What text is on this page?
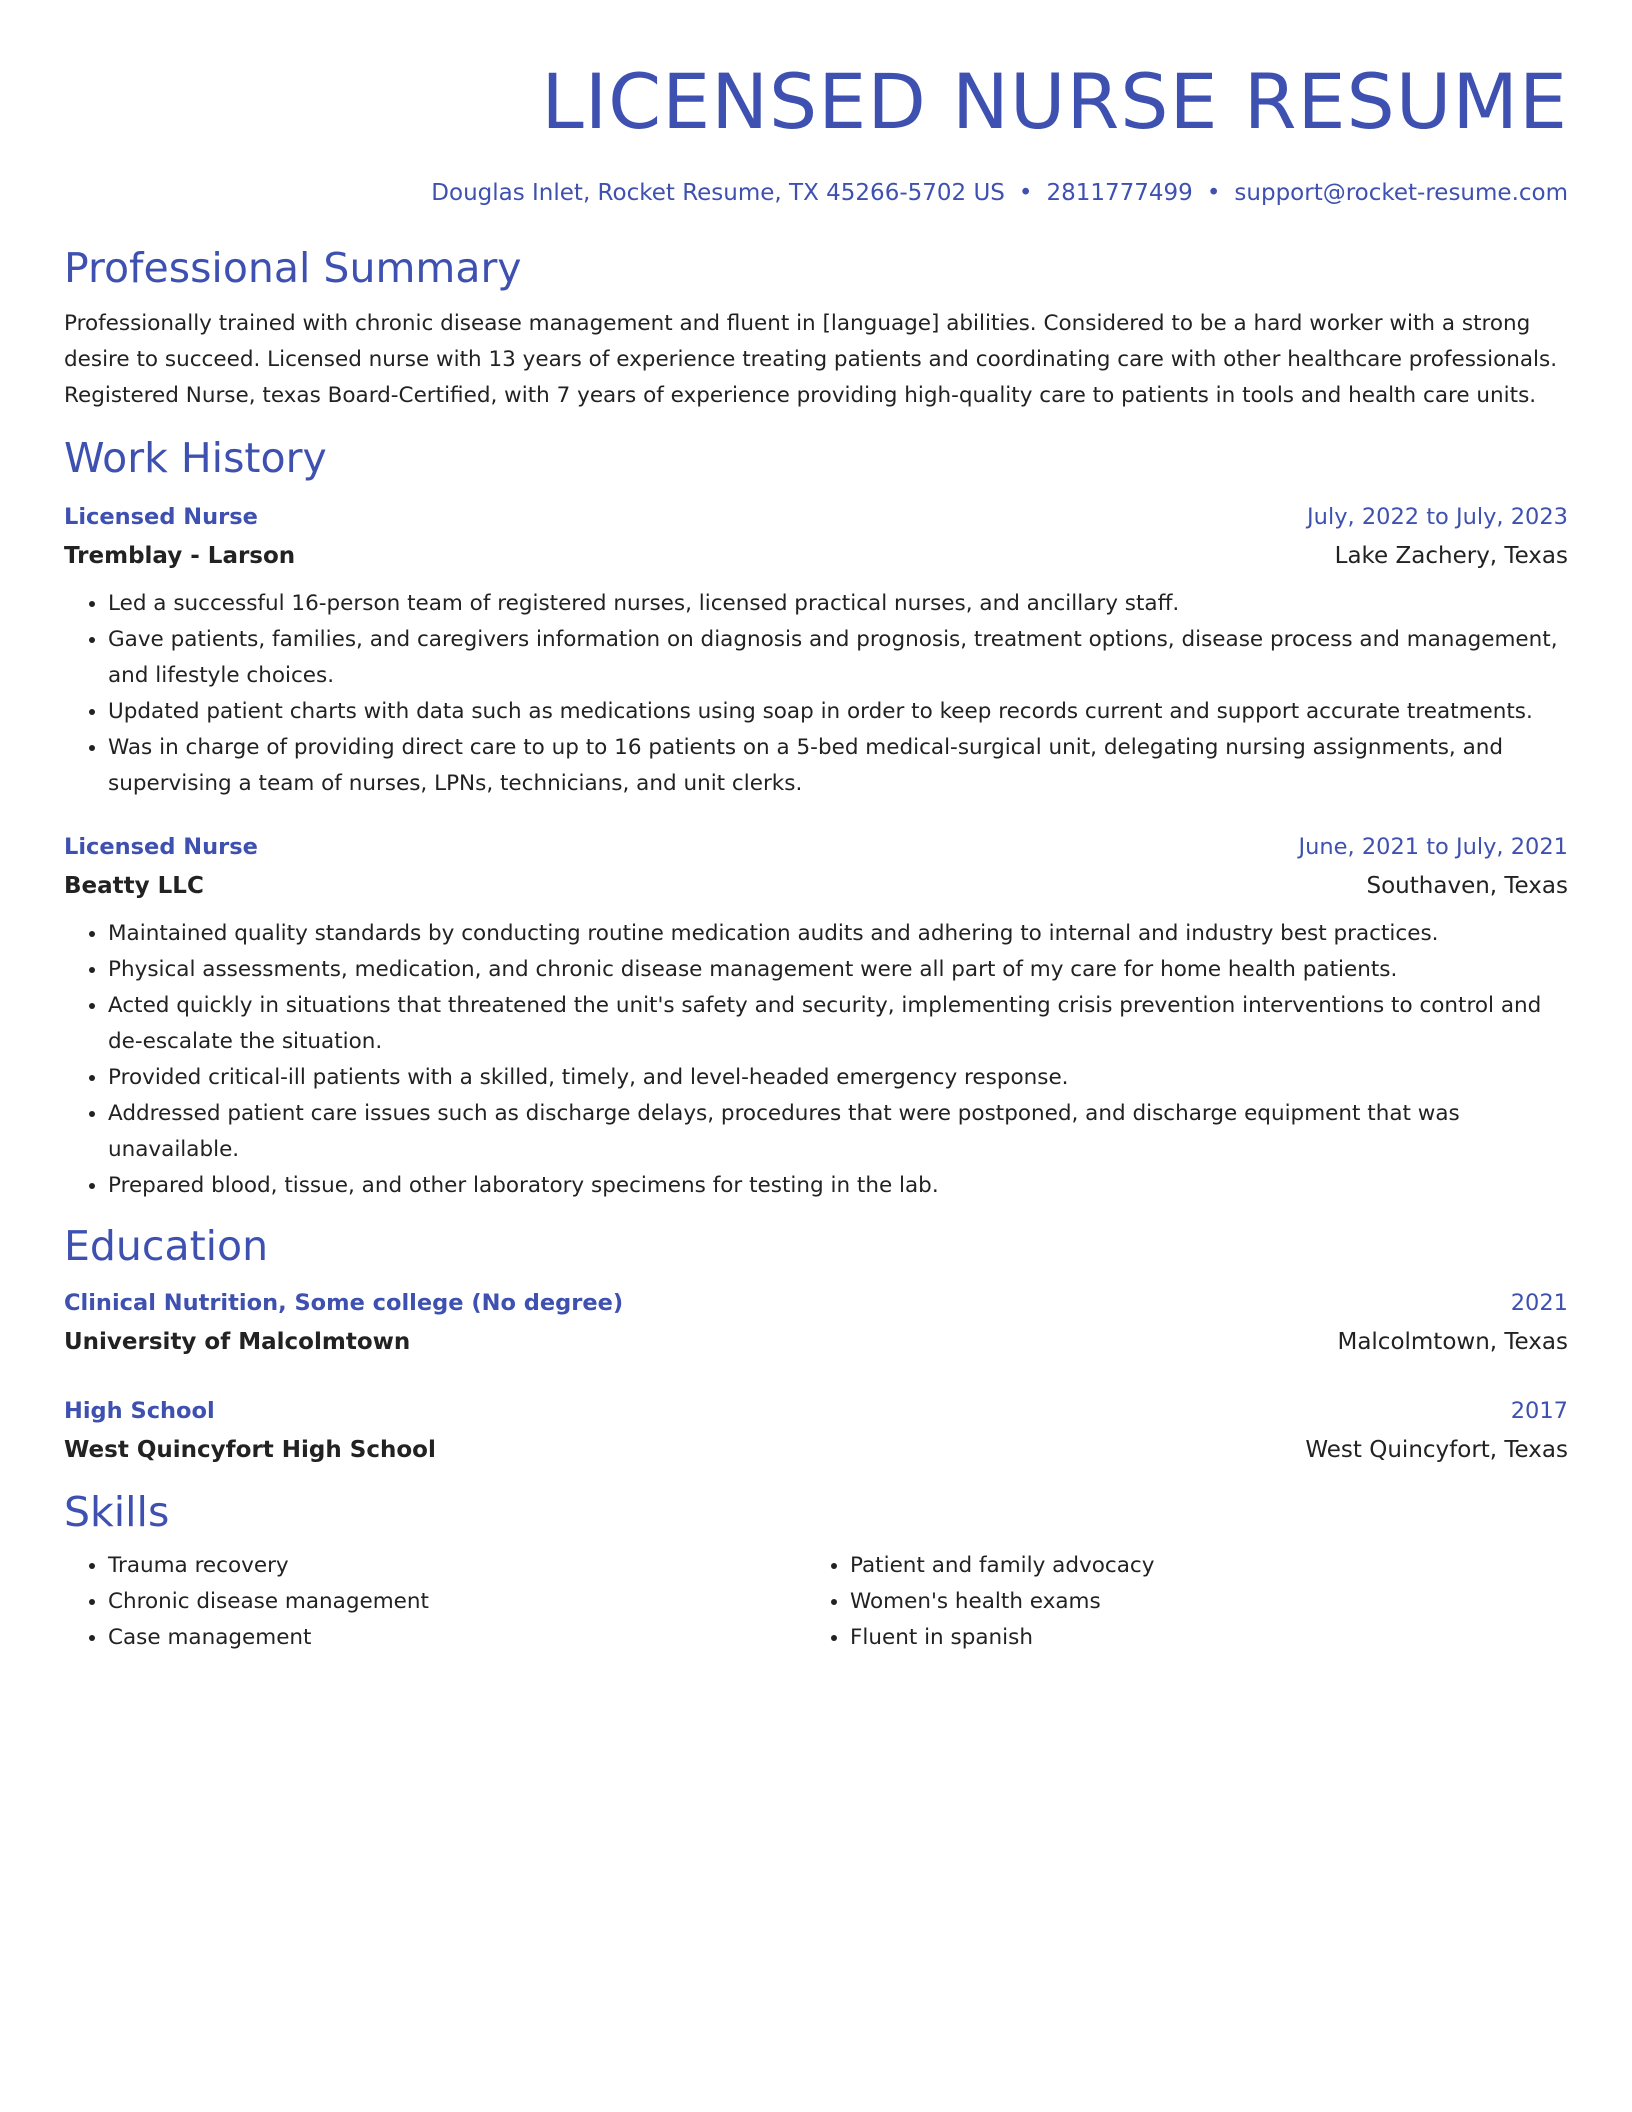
LICENSED NURSE RESUME
Douglas Inlet, Rocket Resume, TX 45266-5702 US • 2811777499 • support@rocket-resume.com
Professional Summary

Professionally trained with chronic disease management and fluent in [language] abilities. Considered to be a hard worker with a strong desire to succeed. Licensed nurse with 13 years of experience treating patients and coordinating care with other healthcare professionals. Registered Nurse, texas Board-Certified, with 7 years of experience providing high-quality care to patients in tools and health care units.

Work History
Licensed Nurse	July, 2022 to July, 2023
Tremblay - Larson	Lake Zachery, Texas
• Led a successful 16-person team of registered nurses, licensed practical nurses, and ancillary staff.
• Gave patients, families, and caregivers information on diagnosis and prognosis, treatment options, disease process and management, and lifestyle choices.
• Updated patient charts with data such as medications using soap in order to keep records current and support accurate treatments.
• Was in charge of providing direct care to up to 16 patients on a 5-bed medical-surgical unit, delegating nursing assignments, and supervising a team of nurses, LPNs, technicians, and unit clerks.
Licensed Nurse	June, 2021 to July, 2021
Beatty LLC	Southaven, Texas
• Maintained quality standards by conducting routine medication audits and adhering to internal and industry best practices.
• Physical assessments, medication, and chronic disease management were all part of my care for home health patients.
• Acted quickly in situations that threatened the unit's safety and security, implementing crisis prevention interventions to control and de-escalate the situation.
• Provided critical-ill patients with a skilled, timely, and level-headed emergency response.
• Addressed patient care issues such as discharge delays, procedures that were postponed, and discharge equipment that was unavailable.
• Prepared blood, tissue, and other laboratory specimens for testing in the lab.
Education
Clinical Nutrition, Some college (No degree)	2021
University of Malcolmtown	Malcolmtown, Texas
High School	2017
West Quincyfort High School	West Quincyfort, Texas
Skills
• Trauma recovery
• Chronic disease management
• Case management
• Patient and family advocacy
• Women's health exams
• Fluent in spanish
